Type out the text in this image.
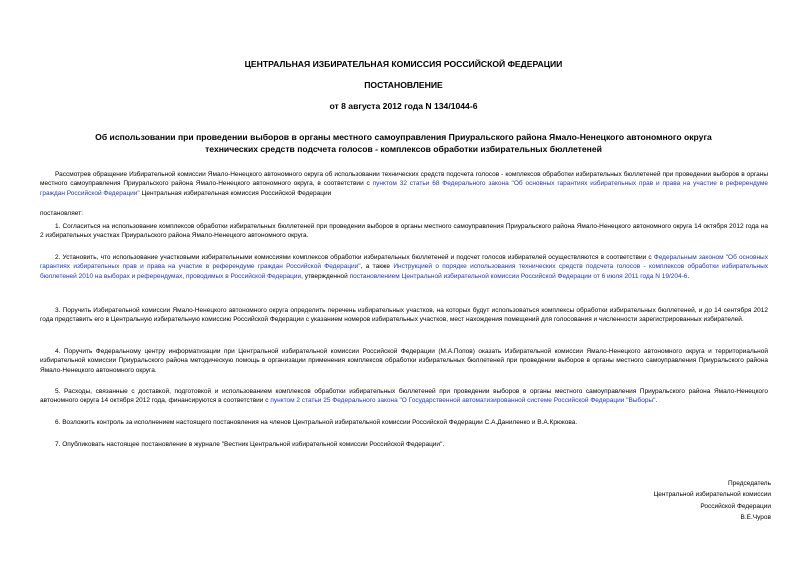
ЦЕНТРАЛЬНАЯ ИЗБИРАТЕЛЬНАЯ КОМИССИЯ РОССИЙСКОЙ ФЕДЕРАЦИИ
ПОСТАНОВЛЕНИЕ
от 8 августа 2012 года N 134/1044-6
Об использовании при проведении выборов в органы местного самоуправления Приуральского района Ямало-Ненецкого автономного округа технических средств подсчета голосов - комплексов обработки избирательных бюллетеней
Рассмотрев обращение Избирательной комиссии Ямало-Ненецкого автономного округа об использовании технических средств подсчета голосов - комплексов обработки избирательных бюллетеней при проведении выборов в органы местного самоуправления Приуральского района Ямало-Ненецкого автономного округа, в соответствии с пунктом 32 статьи 68 Федерального закона "Об основных гарантиях избирательных прав и права на участие в референдуме граждан Российской Федерации" Центральная избирательная комиссия Российской Федерации
постановляет:
1. Согласиться на использование комплексов обработки избирательных бюллетеней при проведении выборов в органы местного самоуправления Приуральского района Ямало-Ненецкого автономного округа 14 октября 2012 года на 2 избирательных участках Приуральского района Ямало-Ненецкого автономного округа.
2. Установить, что использование участковыми избирательными комиссиями комплексов обработки избирательных бюллетеней и подсчет голосов избирателей осуществляются в соответствии с Федеральным законом "Об основных гарантиях избирательных прав и права на участие в референдуме граждан Российской Федерации", а также Инструкцией о порядке использования технических средств подсчета голосов - комплексов обработки избирательных бюллетеней 2010 на выборах и референдумах, проводимых в Российской Федерации, утвержденной постановлением Центральной избирательной комиссии Российской Федерации от 6 июля 2011 года N 19/204-6.
3. Поручить Избирательной комиссии Ямало-Ненецкого автономного округа определить перечень избирательных участков, на которых будут использоваться комплексы обработки избирательных бюллетеней, и до 14 сентября 2012 года представить его в Центральную избирательную комиссию Российской Федерации с указанием номеров избирательных участков, мест нахождения помещений для голосования и численности зарегистрированных избирателей.
4. Поручить Федеральному центру информатизации при Центральной избирательной комиссии Российской Федерации (М.А.Попов) оказать Избирательной комиссии Ямало-Ненецкого автономного округа и территориальной избирательной комиссии Приуральского района методическую помощь в организации применения комплексов обработки избирательных бюллетеней при проведении выборов в органы местного самоуправления Приуральского района Ямало-Ненецкого автономного округа.
5. Расходы, связанные с доставкой, подготовкой и использованием комплексов обработки избирательных бюллетеней при проведении выборов в органы местного самоуправления Приуральского района Ямало-Ненецкого автономного округа 14 октября 2012 года, финансируются в соответствии с пунктом 2 статьи 25 Федерального закона "О Государственной автоматизированной системе Российской Федерации "Выборы".
6. Возложить контроль за исполнением настоящего постановления на членов Центральной избирательной комиссии Российской Федерации С.А.Даниленко и В.А.Крюкова.
7. Опубликовать настоящее постановление в журнале "Вестник Центральной избирательной комиссии Российской Федерации".
Председатель
Центральной избирательной комиссии
Российской Федерации
В.Е.Чуров
